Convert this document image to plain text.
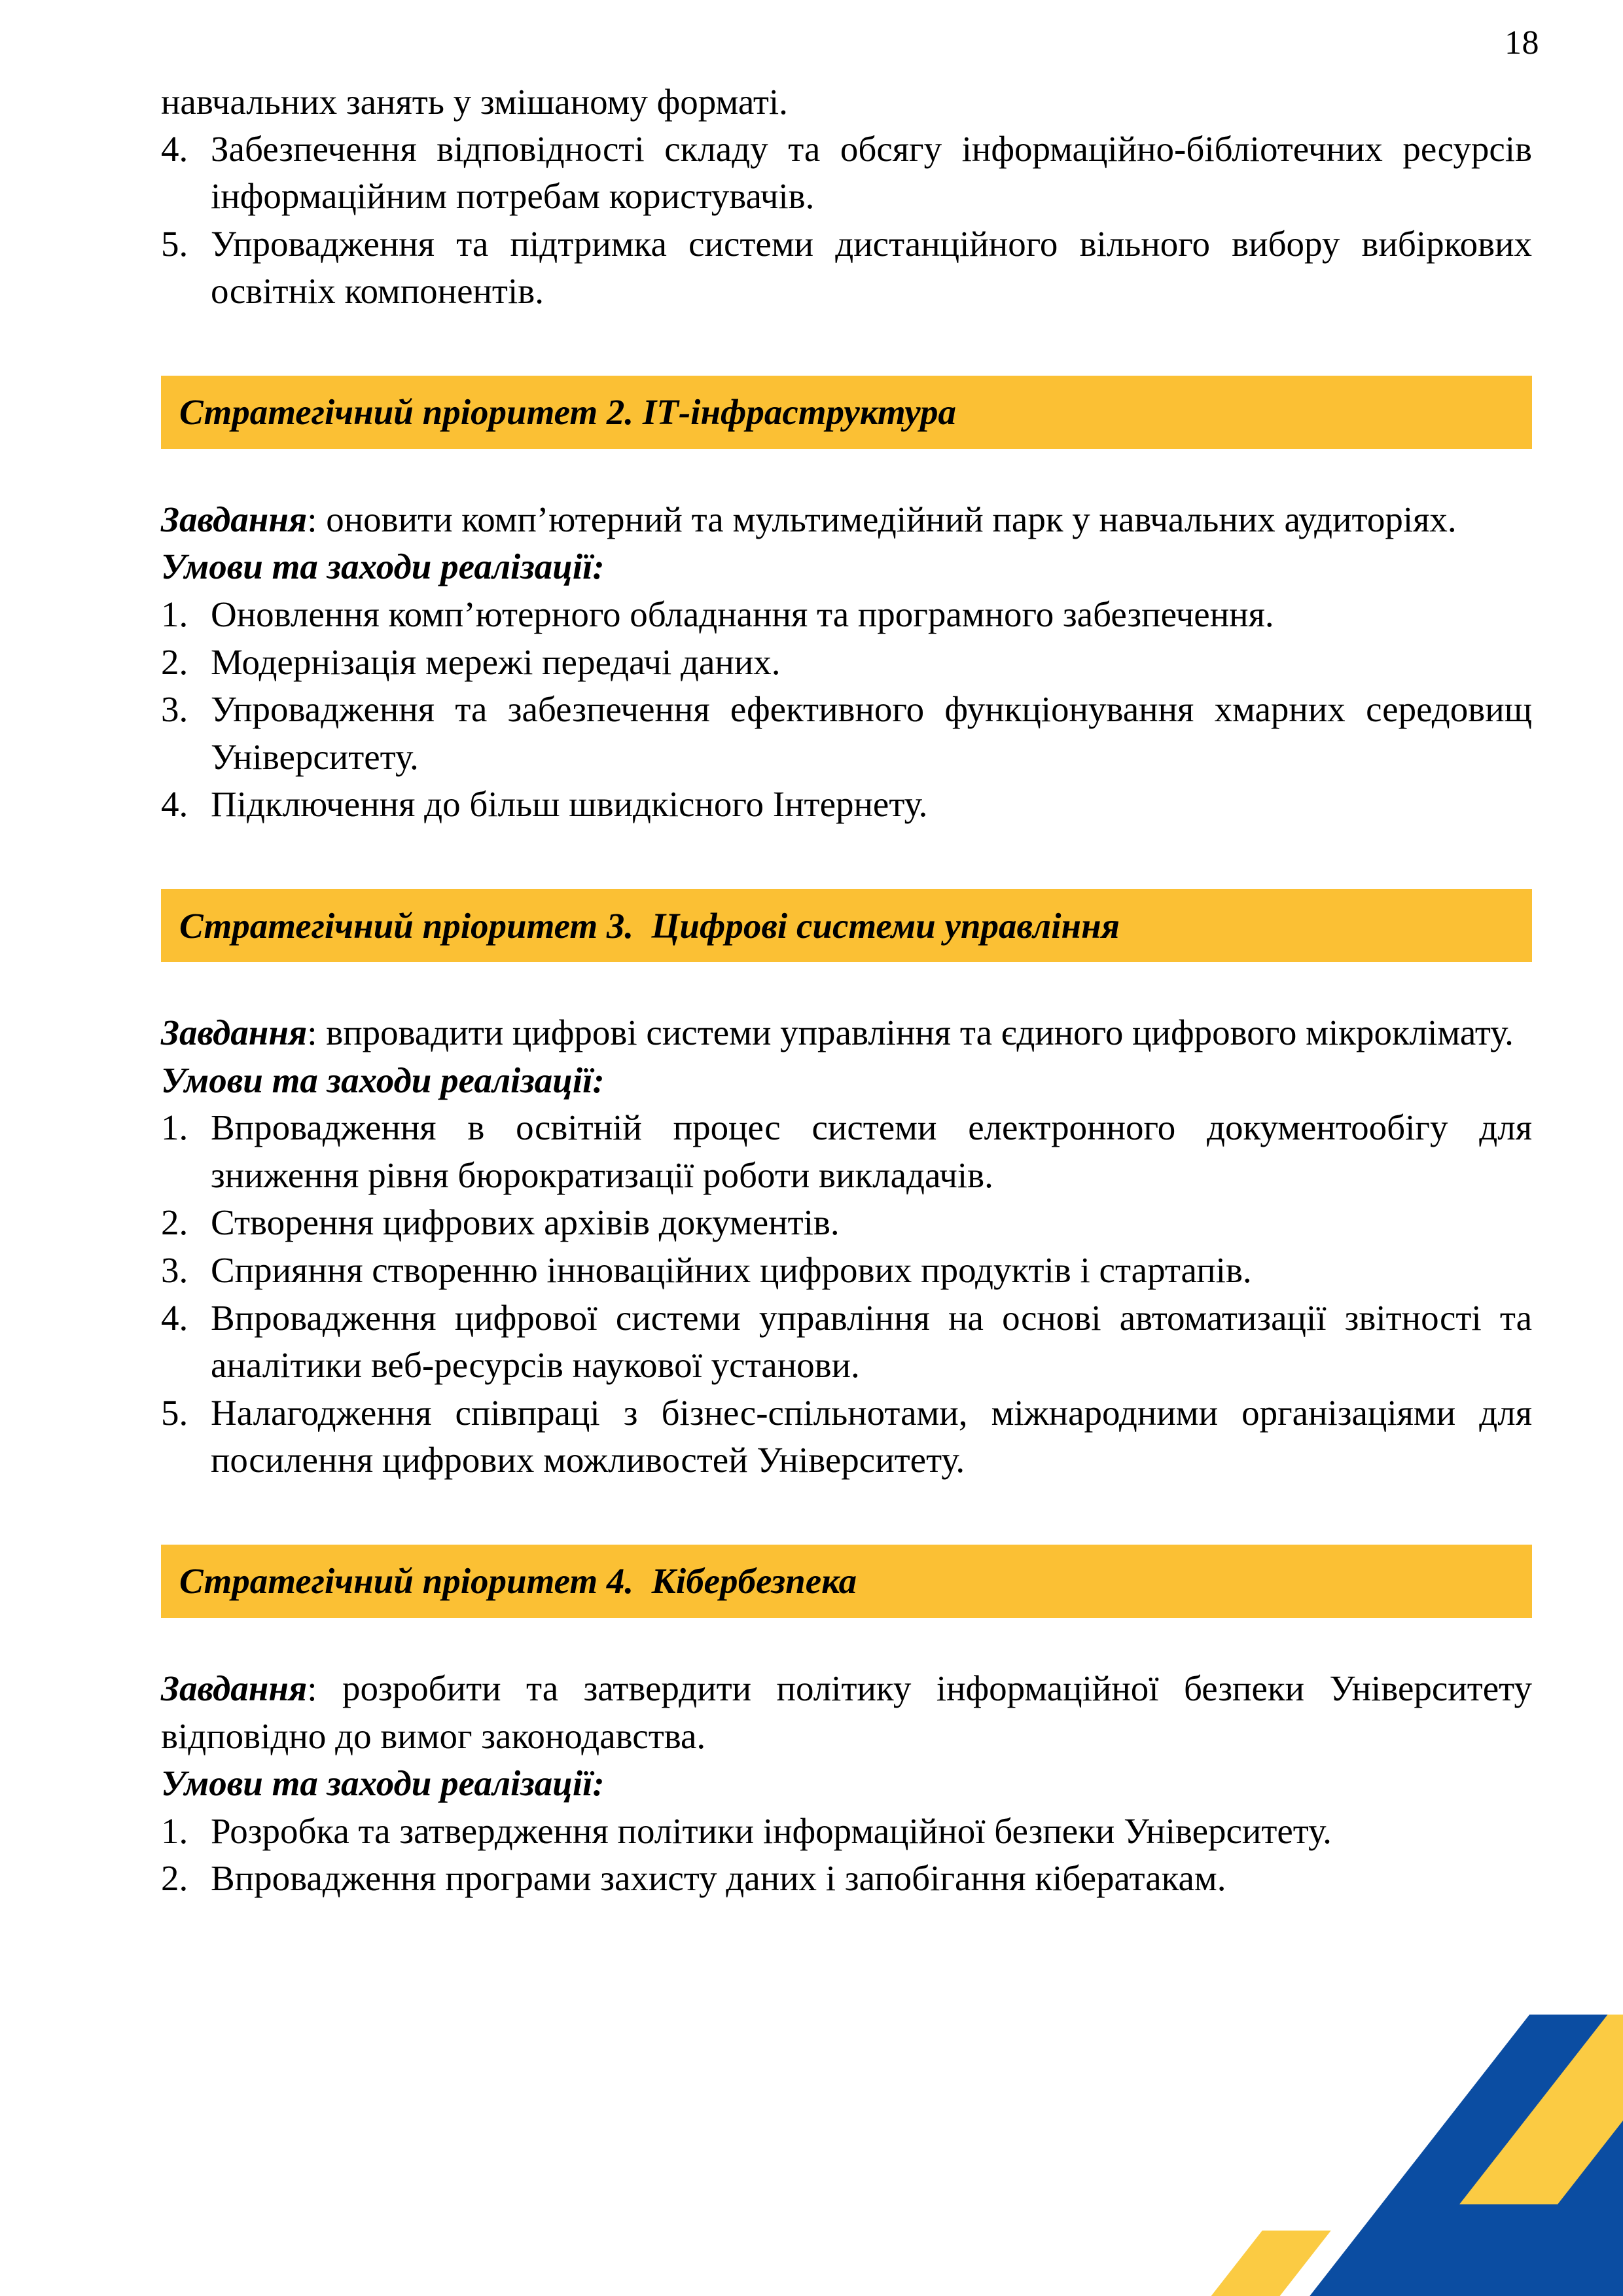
18

навчальних занять у змішаному форматі.

4. Забезпечення відповідності складу та обсягу інформаційно-бібліотечних ресурсів інформаційним потребам користувачів.
5. Упровадження та підтримка системи дистанційного вільного вибору вибіркових освітніх компонентів.
Стратегічний пріоритет 2. ІТ-інфраструктура

Завдання: оновити комп’ютерний та мультимедійний парк у навчальних аудиторіях.

Умови та заходи реалізації:

1. Оновлення комп’ютерного обладнання та програмного забезпечення.
2. Модернізація мережі передачі даних.
3. Упровадження та забезпечення ефективного функціонування хмарних середовищ Університету.
4. Підключення до більш швидкісного Інтернету.
Стратегічний пріоритет 3.  Цифрові системи управління

Завдання: впровадити цифрові системи управління та єдиного цифрового мікроклімату.

Умови та заходи реалізації:

1. Впровадження в освітній процес системи електронного документообігу для зниження рівня бюрократизації роботи викладачів.
2. Створення цифрових архівів документів.
3. Сприяння створенню інноваційних цифрових продуктів і стартапів.
4. Впровадження цифрової системи управління на основі автоматизації звітності та аналітики веб-ресурсів наукової установи.
5. Налагодження співпраці з бізнес-спільнотами, міжнародними організаціями для посилення цифрових можливостей Університету.
Стратегічний пріоритет 4.  Кібербезпека

Завдання: розробити та затвердити політику інформаційної безпеки Університету відповідно до вимог законодавства.

Умови та заходи реалізації:

1. Розробка та затвердження політики інформаційної безпеки Університету.
2. Впровадження програми захисту даних і запобігання кібератакам.
